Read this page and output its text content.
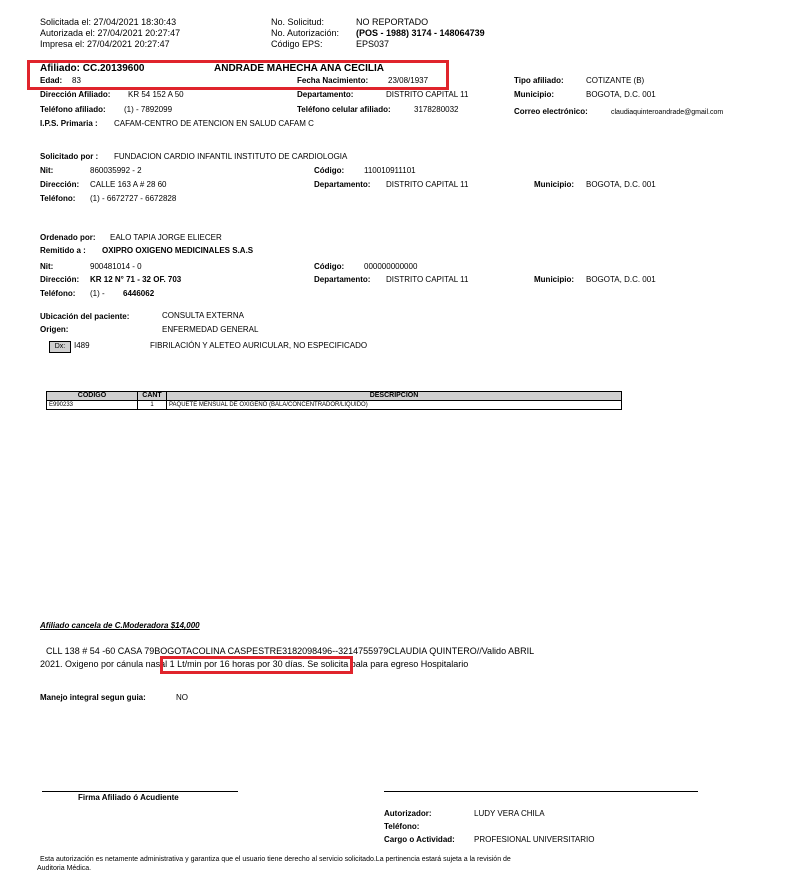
Solicitada el: 27/04/2021 18:30:43
Autorizada el: 27/04/2021 20:27:47
Impresa el: 27/04/2021 20:27:47
No. Solicitud:	NO REPORTADO
No. Autorización: (POS - 1988) 3174 - 148064739
Código EPS:	EPS037
Afiliado: CC.20139600	ANDRADE MAHECHA ANA CECILIA
Edad: 83	Fecha Nacimiento: 23/08/1937	Tipo afiliado:	COTIZANTE (B)
Dirección Afiliado: KR 54 152 A 50	Departamento:	DISTRITO CAPITAL 11	Municipio:	BOGOTA, D.C. 001
Teléfono afiliado: (1) - 7892099	Teléfono celular afiliado:	3178280032	Correo electrónico:	claudiaquinteroandrade@gmail.com
I.P.S. Primaria : CAFAM-CENTRO DE ATENCION EN SALUD CAFAM C
Solicitado por : FUNDACION CARDIO INFANTIL INSTITUTO DE CARDIOLOGIA
Nit:	860035992 - 2	Código: 110010911101
Dirección: CALLE 163 A # 28 60	Departamento: DISTRITO CAPITAL 11	Municipio: BOGOTA, D.C. 001
Teléfono: (1) - 6672727 - 6672828
Ordenado por: EALO TAPIA JORGE ELIECER
Remitido a : OXIPRO OXIGENO MEDICINALES S.A.S
Nit:	900481014 - 0	Código: 000000000000
Dirección: KR 12 N° 71 - 32 OF. 703	Departamento: DISTRITO CAPITAL 11	Municipio: BOGOTA, D.C. 001
Teléfono: (1) - 6446062
Ubicación del paciente:	CONSULTA EXTERNA
Origen:	ENFERMEDAD GENERAL
Dx:	I489	FIBRILACIÓN Y ALETEO AURICULAR, NO ESPECIFICADO
CODIGO	CANT	DESCRIPCION
E990233	1	PAQUETE MENSUAL DE OXIGENO (BALA/CONCENTRADOR/LIQUIDO)
Afiliado cancela de C.Moderadora $14,000
CLL 138 # 54 -60 CASA 79BOGOTACOLINA CASPESTRE3182098496--3214755979CLAUDIA QUINTERO//Valido ABRIL
2021. Oxigeno por cánula nasal 1 Lt/min por 16 horas por 30 días. Se solicita bala para egreso Hospitalario
Manejo integral segun guia:	NO
Firma Afiliado ó Acudiente
Autorizador:	LUDY VERA CHILA
Teléfono:
Cargo o Actividad: PROFESIONAL UNIVERSITARIO
Esta autorización es netamente administrativa y garantiza que el usuario tiene derecho al servicio solicitado.La pertinencia estará sujeta a la revisión de
Auditoria Médica.
